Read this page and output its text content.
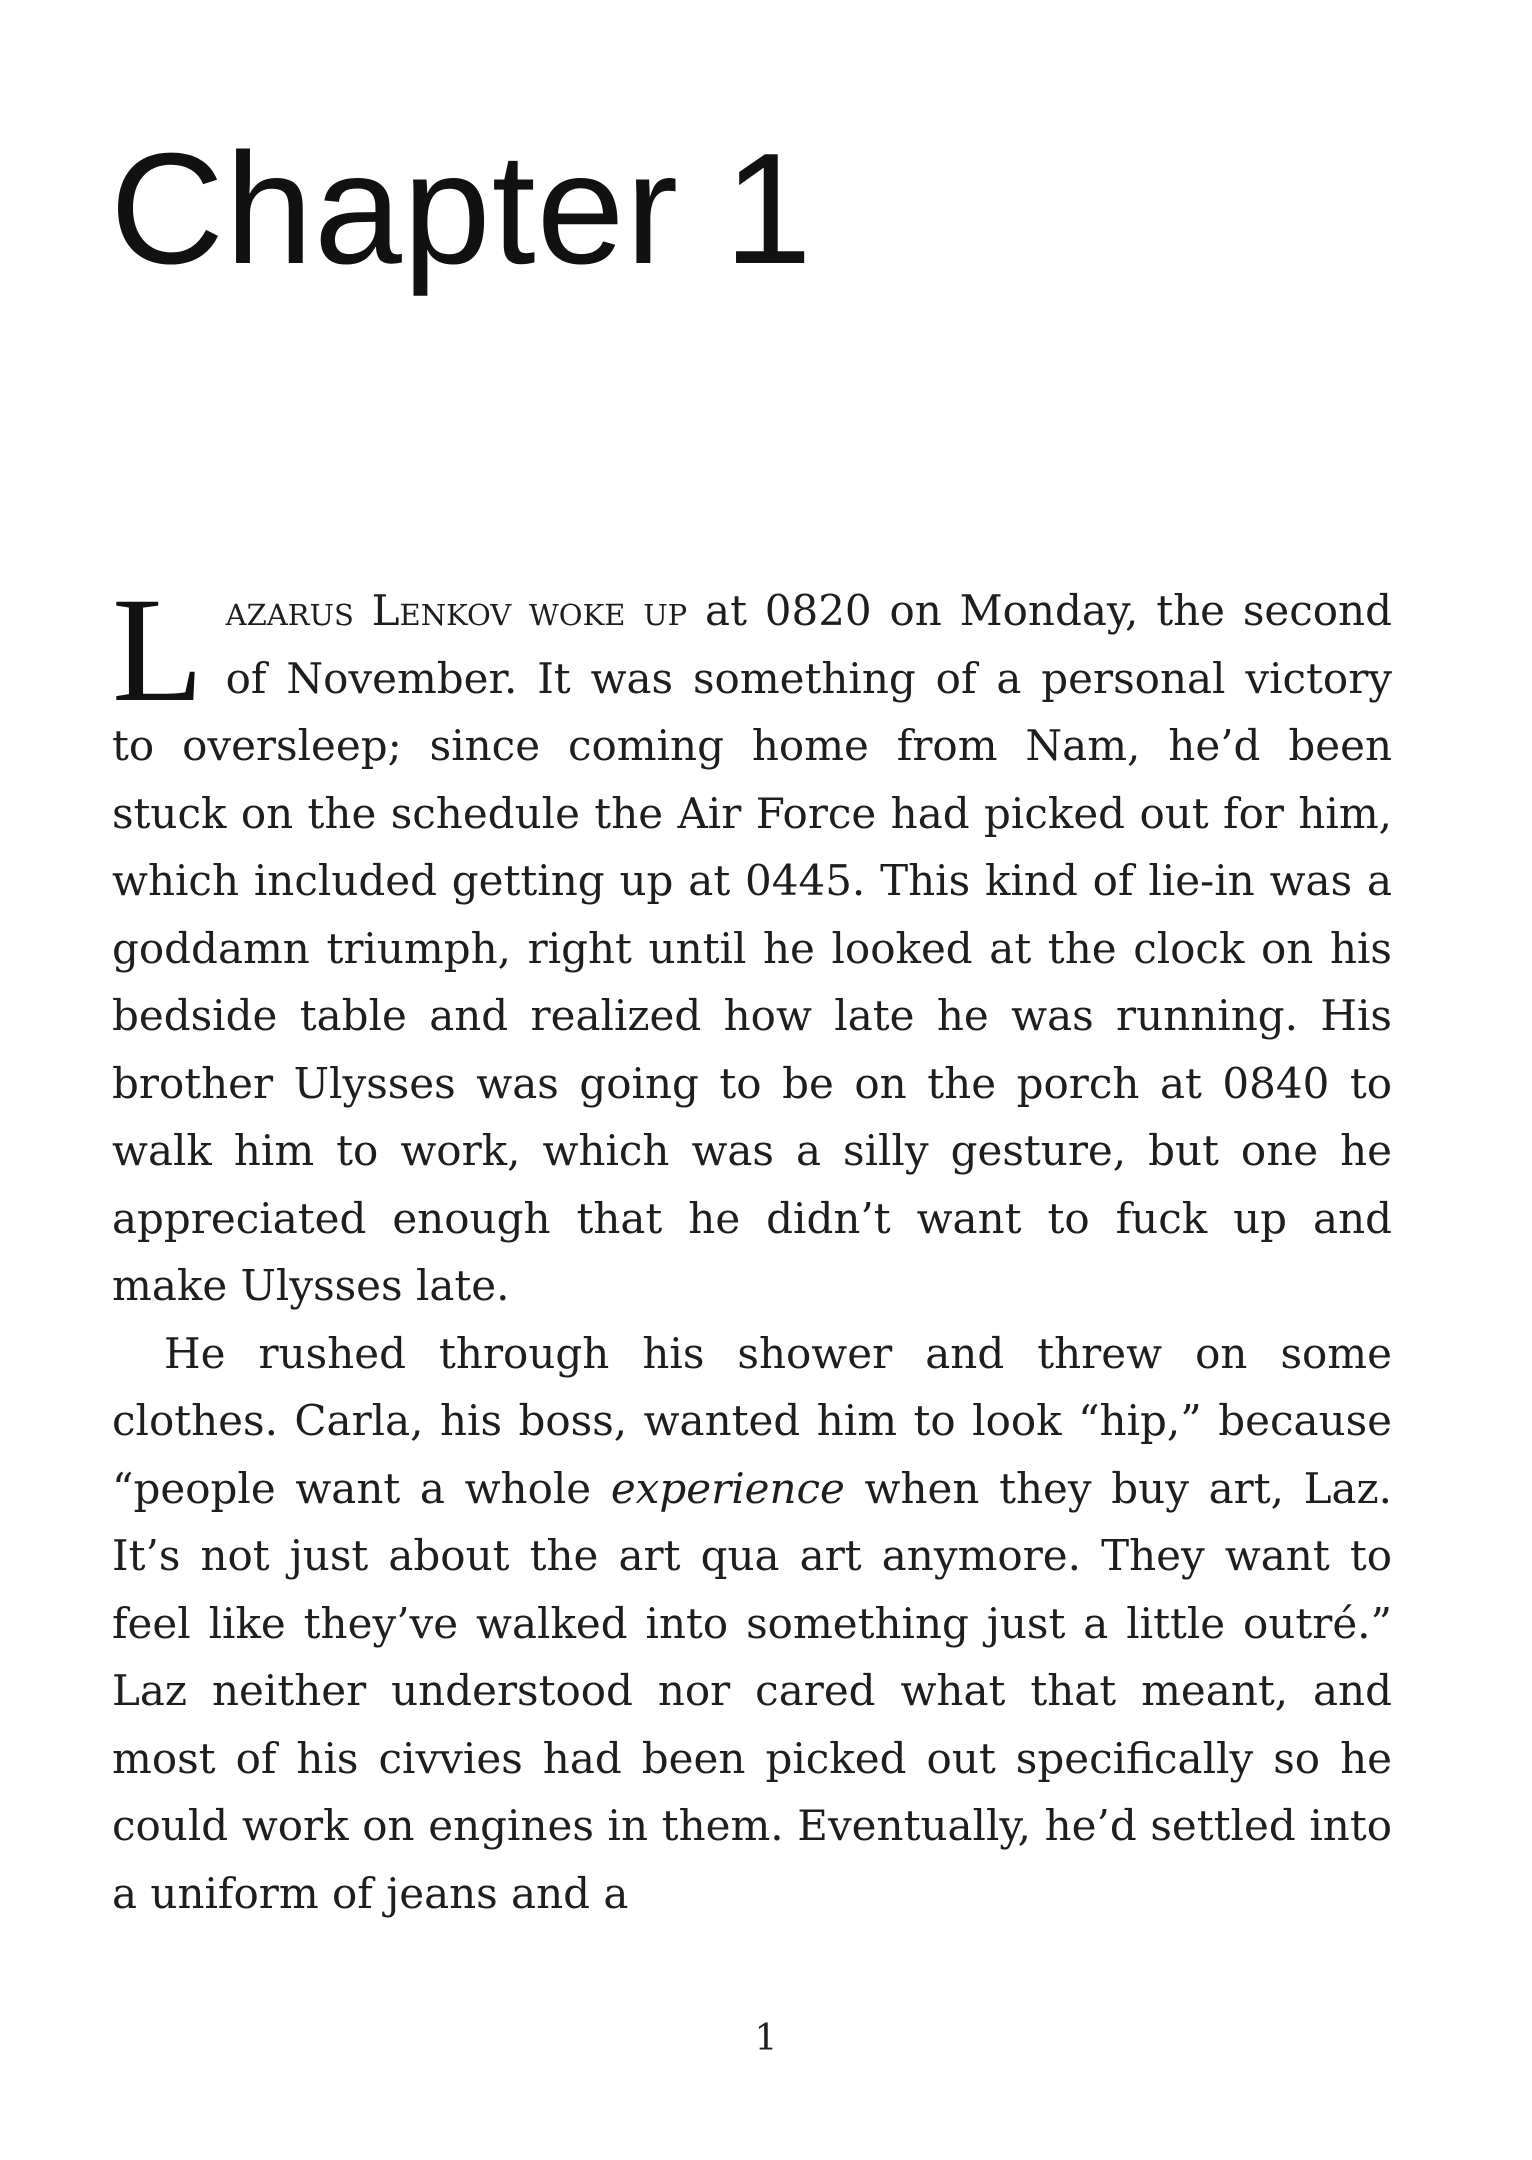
Chapter 1

Lazarus Lenkov woke up at 0820 on Monday, the second of November. It was something of a personal victory to oversleep; since coming home from Nam, he’d been stuck on the schedule the Air Force had picked out for him, which included getting up at 0445. This kind of lie-in was a goddamn triumph, right until he looked at the clock on his bedside table and realized how late he was running. His brother Ulysses was going to be on the porch at 0840 to walk him to work, which was a silly gesture, but one he appreciated enough that he didn’t want to fuck up and make Ulysses late.

He rushed through his shower and threw on some clothes. Carla, his boss, wanted him to look “hip,” because “people want a whole experience when they buy art, Laz. It’s not just about the art qua art anymore. They want to feel like they’ve walked into something just a little outré.” Laz neither understood nor cared what that meant, and most of his civvies had been picked out specifically so he could work on engines in them. Eventually, he’d settled into a uniform of jeans and a

1
